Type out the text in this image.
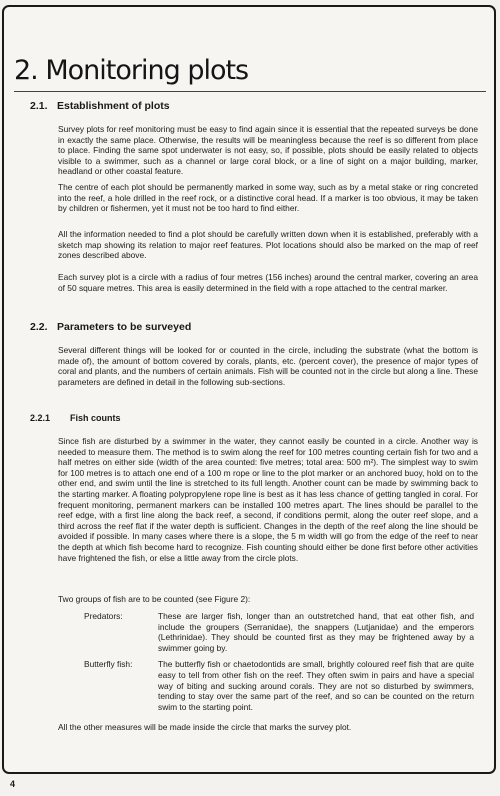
2. Monitoring plots
2.1. Establishment of plots

Survey plots for reef monitoring must be easy to find again since it is essential that the repeated surveys be done in exactly the same place. Otherwise, the results will be meaningless because the reef is so different from place to place. Finding the same spot underwater is not easy, so, if possible, plots should be easily related to objects visible to a swimmer, such as a channel or large coral block, or a line of sight on a major building, marker, headland or other coastal feature.

The centre of each plot should be permanently marked in some way, such as by a metal stake or ring concreted into the reef, a hole drilled in the reef rock, or a distinctive coral head. If a marker is too obvious, it may be taken by children or fishermen, yet it must not be too hard to find either.

All the information needed to find a plot should be carefully written down when it is established, preferably with a sketch map showing its relation to major reef features. Plot locations should also be marked on the map of reef zones described above.

Each survey plot is a circle with a radius of four metres (156 inches) around the central marker, covering an area of 50 square metres. This area is easily determined in the field with a rope attached to the central marker.

2.2. Parameters to be surveyed

Several different things will be looked for or counted in the circle, including the substrate (what the bottom is made of), the amount of bottom covered by corals, plants, etc. (percent cover), the presence of major types of coral and plants, and the numbers of certain animals. Fish will be counted not in the circle but along a line. These parameters are defined in detail in the following sub-sections.

2.2.1 Fish counts

Since fish are disturbed by a swimmer in the water, they cannot easily be counted in a circle. Another way is needed to measure them. The method is to swim along the reef for 100 metres counting certain fish for two and a half metres on either side (width of the area counted: five metres; total area: 500 m²). The simplest way to swim for 100 metres is to attach one end of a 100 m rope or line to the plot marker or an anchored buoy, hold on to the other end, and swim until the line is stretched to its full length. Another count can be made by swimming back to the starting marker. A floating polypropylene rope line is best as it has less chance of getting tangled in coral. For frequent monitoring, permanent markers can be installed 100 metres apart. The lines should be parallel to the reef edge, with a first line along the back reef, a second, if conditions permit, along the outer reef slope, and a third across the reef flat if the water depth is sufficient. Changes in the depth of the reef along the line should be avoided if possible. In many cases where there is a slope, the 5 m width will go from the edge of the reef to near the depth at which fish become hard to recognize. Fish counting should either be done first before other activities have frightened the fish, or else a little away from the circle plots.

Two groups of fish are to be counted (see Figure 2):

Predators:	These are larger fish, longer than an outstretched hand, that eat other fish, and include the groupers (Serranidae), the snappers (Lutjanidae) and the emperors (Lethrinidae). They should be counted first as they may be frightened away by a swimmer going by.
Butterfly fish:	The butterfly fish or chaetodontids are small, brightly coloured reef fish that are quite easy to tell from other fish on the reef. They often swim in pairs and have a special way of biting and sucking around corals. They are not so disturbed by swimmers, tending to stay over the same part of the reef, and so can be counted on the return swim to the starting point.

All the other measures will be made inside the circle that marks the survey plot.

4
